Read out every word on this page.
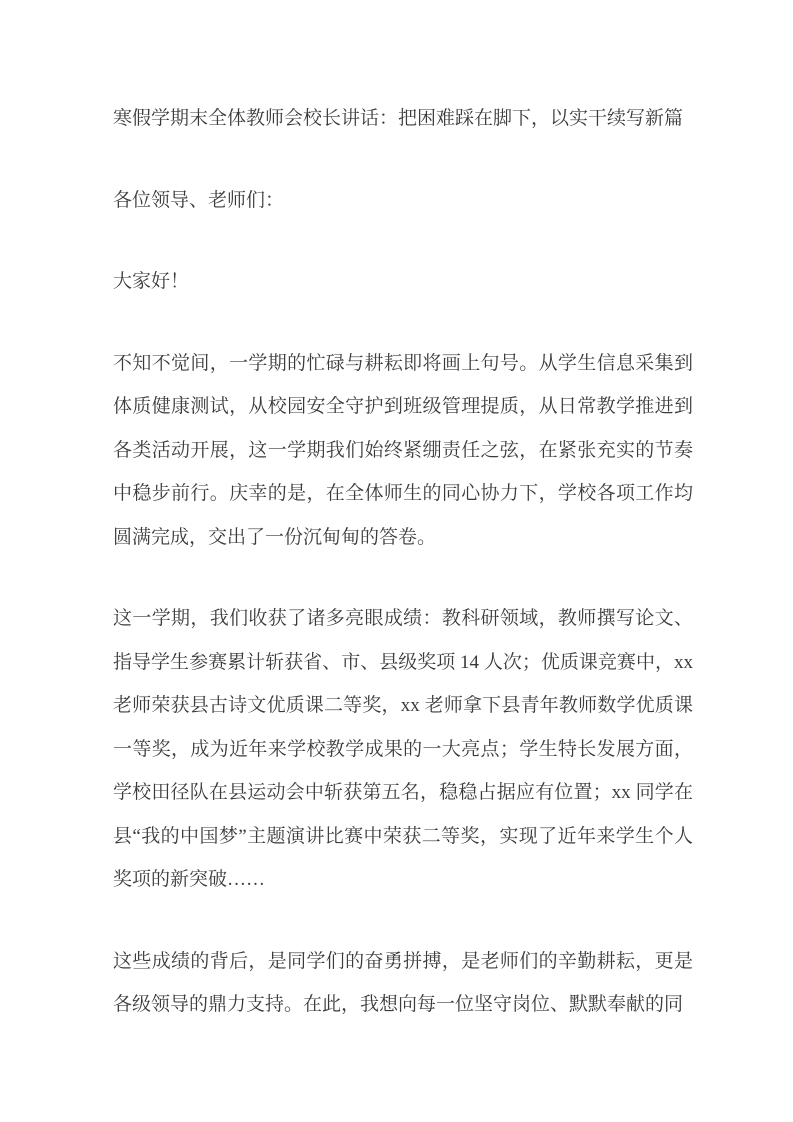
寒假学期末全体教师会校长讲话：把困难踩在脚下，以实干续写新篇

各位领导、老师们：

大家好！

不知不觉间，一学期的忙碌与耕耘即将画上句号。从学生信息采集到体质健康测试，从校园安全守护到班级管理提质，从日常教学推进到各类活动开展，这一学期我们始终紧绷责任之弦，在紧张充实的节奏中稳步前行。庆幸的是，在全体师生的同心协力下，学校各项工作均圆满完成，交出了一份沉甸甸的答卷。

这一学期，我们收获了诸多亮眼成绩：教科研领域，教师撰写论文、指导学生参赛累计斩获省、市、县级奖项 14 人次；优质课竞赛中，xx 老师荣获县古诗文优质课二等奖，xx 老师拿下县青年教师数学优质课一等奖，成为近年来学校教学成果的一大亮点；学生特长发展方面，学校田径队在县运动会中斩获第五名，稳稳占据应有位置；xx 同学在县“我的中国梦”主题演讲比赛中荣获二等奖，实现了近年来学生个人奖项的新突破……

这些成绩的背后，是同学们的奋勇拼搏，是老师们的辛勤耕耘，更是各级领导的鼎力支持。在此，我想向每一位坚守岗位、默默奉献的同
